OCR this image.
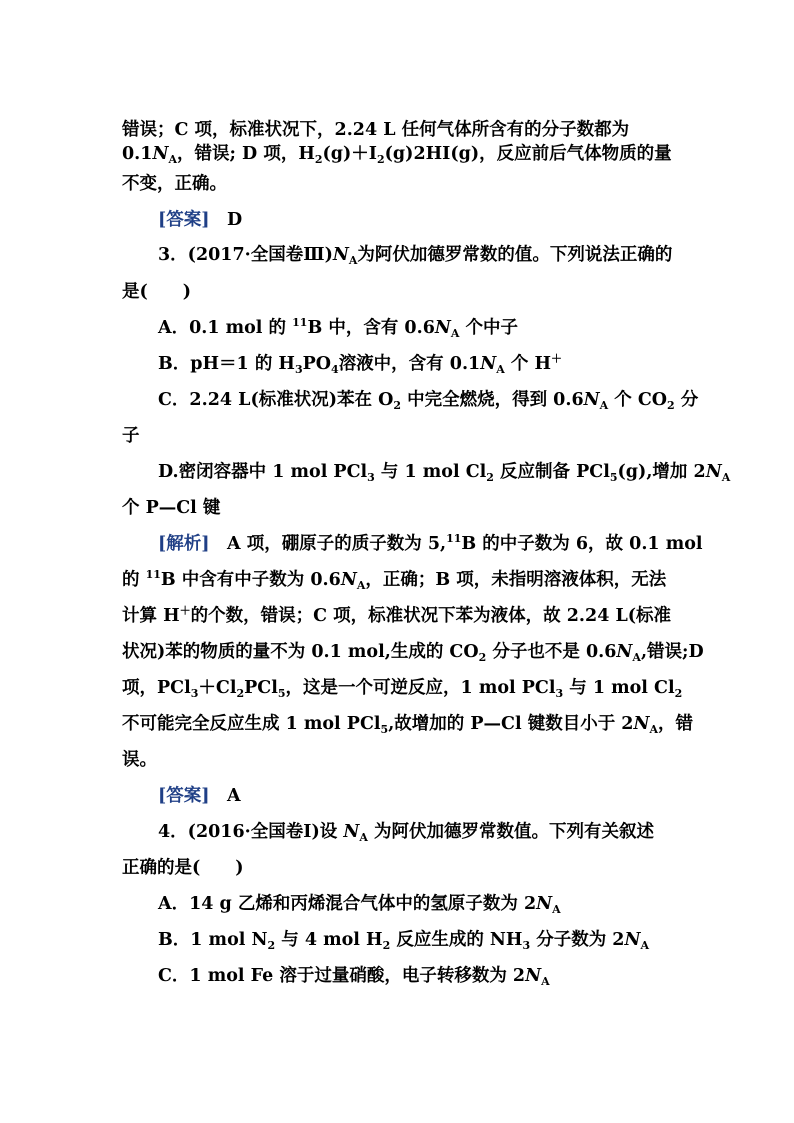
错误；C 项，标准状况下，2.24 L 任何气体所含有的分子数都为
$0.1N_A$，错误; D 项，$H_2(g)+I_2(g)2HI(g)$，反应前后气体物质的量
不变，正确。
[答案]　D
3．(2017·全国卷$Ⅲ)N_A$为阿伏加德罗常数的值。下列说法正确的
是(　　)
A．0.1 mol 的 $^{11}$B 中，含有 $0.6N_A$ 个中子
B．pH＝1 的 $H_3PO_4$溶液中，含有 $0.1N_A$ 个 H＋
C．2.24 L(标准状况)苯在 $O_2$ 中完全燃烧，得到 $0.6N_A$ 个 $CO_2$ 分
子
D.密闭容器中 1 mol PCl$_3$ 与 1 mol $Cl_2$ 反应制备 PCl$_5$(g),增加 $2N_A$
个 P—Cl 键
[解析]　A 项，硼原子的质子数为 5,11B 的中子数为 6，故 0.1 mol
的 $^{11}$B 中含有中子数为 $0.6N_A$，正确；B 项，未指明溶液体积，无法
计算 H＋的个数，错误；C 项，标准状况下苯为液体，故 2.24 L(标准
状况)苯的物质的量不为 0.1 mol,生成的 $CO_2$ 分子也不是 $0.6N_A$,错误;D
项，$PCl_3+Cl_2PCl_5$，这是一个可逆反应，1 mol PCl$_3$ 与 1 mol $Cl_2$
不可能完全反应生成 1 mol PCl$_5$,故增加的 P—Cl 键数目小于 $2N_A$，错
误。
[答案]　A
4．(2016·全国卷Ⅰ)设 $N_A$ 为阿伏加德罗常数值。下列有关叙述
正确的是(　　)
A．14 g 乙烯和丙烯混合气体中的氢原子数为 $2N_A$
B．1 mol $N_2$ 与 4 mol $H_2$ 反应生成的 $NH_3$ 分子数为 $2N_A$
C．1 mol Fe 溶于过量硝酸，电子转移数为 $2N_A$
